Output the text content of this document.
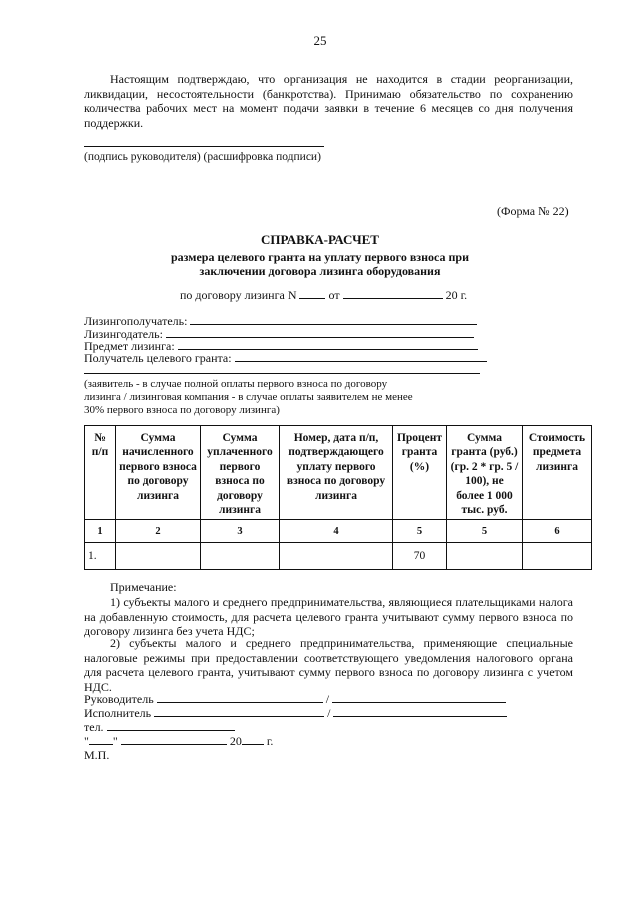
25
Настоящим подтверждаю, что организация не находится в стадии реорганизации, ликвидации, несостоятельности (банкротства). Принимаю обязательство по сохранению количества рабочих мест на момент подачи заявки в течение 6 месяцев со дня получения поддержки.
(подпись руководителя) (расшифровка подписи)
(Форма № 22)
СПРАВКА-РАСЧЕТ
размера целевого гранта на уплату первого взноса при
заключении договора лизинга оборудования
по договору лизинга N	от	20 г.
Лизингополучатель:
Лизингодатель:
Предмет лизинга:
Получатель целевого гранта:
(заявитель - в случае полной оплаты первого взноса по договору лизинга / лизинговая компания - в случае оплаты заявителем не менее 30% первого взноса по договору лизинга)
№ п/п	Сумма начисленного первого взноса по договору лизинга	Сумма уплаченного первого взноса по договору лизинга	Номер, дата п/п, подтверждающего уплату первого взноса по договору лизинга	Процент гранта (%)	Сумма гранта (руб.) (гр. 2 * гр. 5 / 100), не более 1 000 тыс. руб.	Стоимость предмета лизинга
1	2	3	4	5	5	6
1.				70		
Примечание:
1) субъекты малого и среднего предпринимательства, являющиеся плательщиками налога на добавленную стоимость, для расчета целевого гранта учитывают сумму первого взноса по договору лизинга без учета НДС;
2) субъекты малого и среднего предпринимательства, применяющие специальные налоговые режимы при предоставлении соответствующего уведомления налогового органа для расчета целевого гранта, учитывают сумму первого взноса по договору лизинга с учетом НДС.
Руководитель	/
Исполнитель	/
тел.
" "	20 г.
М.П.
